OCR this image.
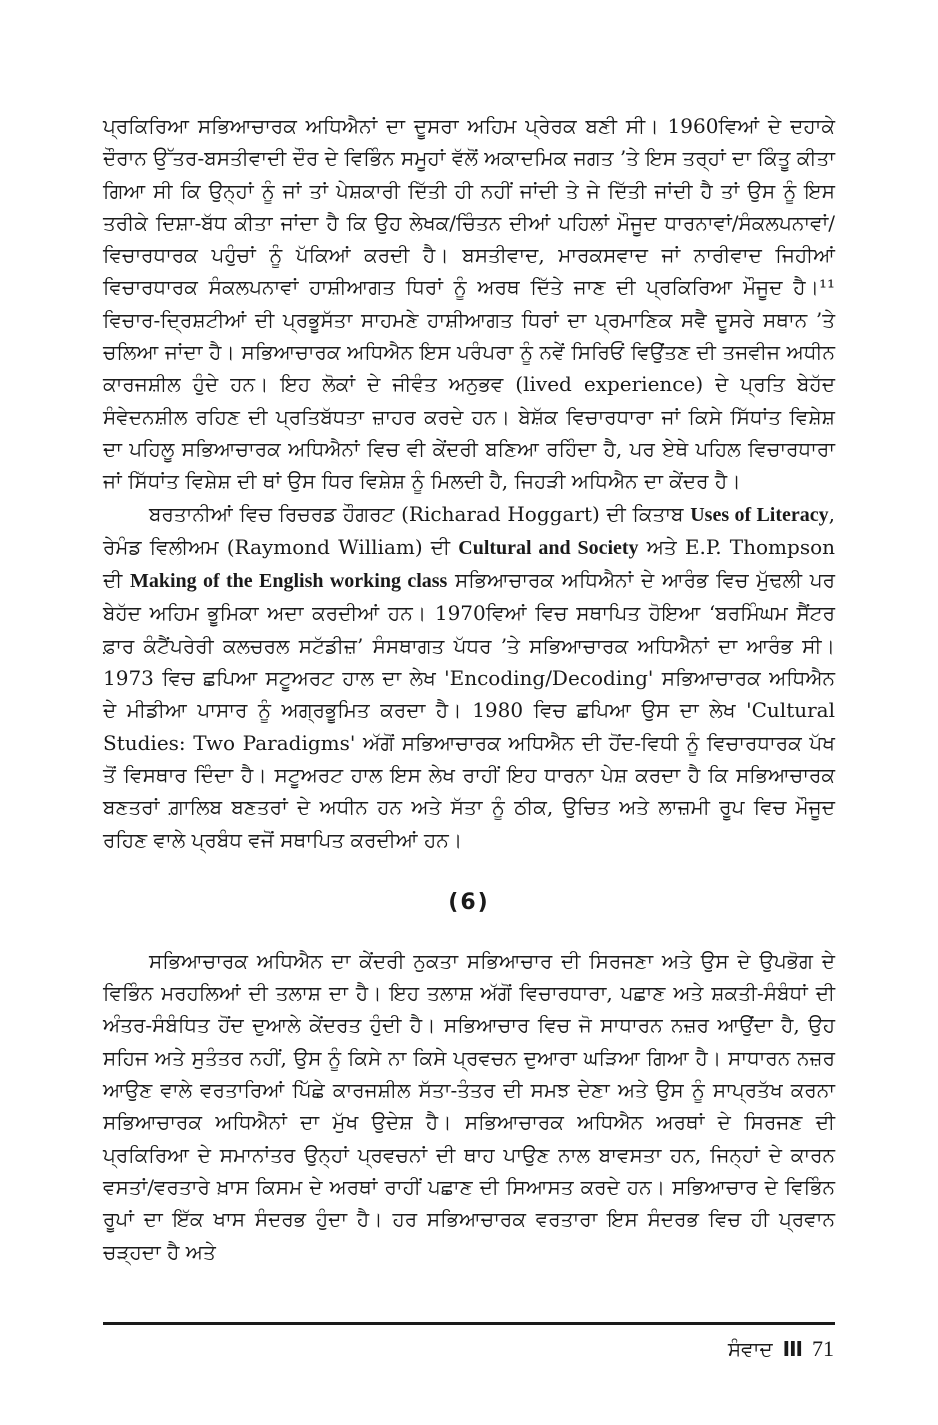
ਪ੍ਰਕਿਰਿਆ ਸਭਿਆਚਾਰਕ ਅਧਿਐਨਾਂ ਦਾ ਦੂਸਰਾ ਅਹਿਮ ਪ੍ਰੇਰਕ ਬਣੀ ਸੀ। 1960ਵਿਆਂ ਦੇ ਦਹਾਕੇ ਦੌਰਾਨ ਉੱਤਰ-ਬਸਤੀਵਾਦੀ ਦੌਰ ਦੇ ਵਿਭਿੰਨ ਸਮੂਹਾਂ ਵੱਲੋਂ ਅਕਾਦਮਿਕ ਜਗਤ ’ਤੇ ਇਸ ਤਰ੍ਹਾਂ ਦਾ ਕਿੰਤੂ ਕੀਤਾ ਗਿਆ ਸੀ ਕਿ ਉਨ੍ਹਾਂ ਨੂੰ ਜਾਂ ਤਾਂ ਪੇਸ਼ਕਾਰੀ ਦਿੱਤੀ ਹੀ ਨਹੀਂ ਜਾਂਦੀ ਤੇ ਜੇ ਦਿੱਤੀ ਜਾਂਦੀ ਹੈ ਤਾਂ ਉਸ ਨੂੰ ਇਸ ਤਰੀਕੇ ਦਿਸ਼ਾ-ਬੱਧ ਕੀਤਾ ਜਾਂਦਾ ਹੈ ਕਿ ਉਹ ਲੇਖਕ/ਚਿੰਤਨ ਦੀਆਂ ਪਹਿਲਾਂ ਮੌਜੂਦ ਧਾਰਨਾਵਾਂ/ਸੰਕਲਪਨਾਵਾਂ/ਵਿਚਾਰਧਾਰਕ ਪਹੁੰਚਾਂ ਨੂੰ ਪੱਕਿਆਂ ਕਰਦੀ ਹੈ। ਬਸਤੀਵਾਦ, ਮਾਰਕਸਵਾਦ ਜਾਂ ਨਾਰੀਵਾਦ ਜਿਹੀਆਂ ਵਿਚਾਰਧਾਰਕ ਸੰਕਲਪਨਾਵਾਂ ਹਾਸ਼ੀਆਗਤ ਧਿਰਾਂ ਨੂੰ ਅਰਥ ਦਿੱਤੇ ਜਾਣ ਦੀ ਪ੍ਰਕਿਰਿਆ ਮੌਜੂਦ ਹੈ।¹¹ ਵਿਚਾਰ-ਦ੍ਰਿਸ਼ਟੀਆਂ ਦੀ ਪ੍ਰਭੂਸੱਤਾ ਸਾਹਮਣੇ ਹਾਸ਼ੀਆਗਤ ਧਿਰਾਂ ਦਾ ਪ੍ਰਮਾਣਿਕ ਸਵੈ ਦੂਸਰੇ ਸਥਾਨ ’ਤੇ ਚਲਿਆ ਜਾਂਦਾ ਹੈ। ਸਭਿਆਚਾਰਕ ਅਧਿਐਨ ਇਸ ਪਰੰਪਰਾ ਨੂੰ ਨਵੇਂ ਸਿਰਿਓਂ ਵਿਉਂਤਣ ਦੀ ਤਜਵੀਜ ਅਧੀਨ ਕਾਰਜਸ਼ੀਲ ਹੁੰਦੇ ਹਨ। ਇਹ ਲੋਕਾਂ ਦੇ ਜੀਵੰਤ ਅਨੁਭਵ (lived experience) ਦੇ ਪ੍ਰਤਿ ਬੇਹੱਦ ਸੰਵੇਦਨਸ਼ੀਲ ਰਹਿਣ ਦੀ ਪ੍ਰਤਿਬੱਧਤਾ ਜ਼ਾਹਰ ਕਰਦੇ ਹਨ। ਬੇਸ਼ੱਕ ਵਿਚਾਰਧਾਰਾ ਜਾਂ ਕਿਸੇ ਸਿੱਧਾਂਤ ਵਿਸ਼ੇਸ਼ ਦਾ ਪਹਿਲੂ ਸਭਿਆਚਾਰਕ ਅਧਿਐਨਾਂ ਵਿਚ ਵੀ ਕੇਂਦਰੀ ਬਣਿਆ ਰਹਿੰਦਾ ਹੈ, ਪਰ ਏਥੇ ਪਹਿਲ ਵਿਚਾਰਧਾਰਾ ਜਾਂ ਸਿੱਧਾਂਤ ਵਿਸ਼ੇਸ਼ ਦੀ ਥਾਂ ਉਸ ਧਿਰ ਵਿਸ਼ੇਸ਼ ਨੂੰ ਮਿਲਦੀ ਹੈ, ਜਿਹੜੀ ਅਧਿਐਨ ਦਾ ਕੇਂਦਰ ਹੈ।

ਬਰਤਾਨੀਆਂ ਵਿਚ ਰਿਚਰਡ ਹੌਗਰਟ (Richarad Hoggart) ਦੀ ਕਿਤਾਬ Uses of Literacy, ਰੇਮੰਡ ਵਿਲੀਅਮ (Raymond William) ਦੀ Cultural and Society ਅਤੇ E.P. Thompson ਦੀ Making of the English working class ਸਭਿਆਚਾਰਕ ਅਧਿਐਨਾਂ ਦੇ ਆਰੰਭ ਵਿਚ ਮੁੱਢਲੀ ਪਰ ਬੇਹੱਦ ਅਹਿਮ ਭੂਮਿਕਾ ਅਦਾ ਕਰਦੀਆਂ ਹਨ। 1970ਵਿਆਂ ਵਿਚ ਸਥਾਪਿਤ ਹੋਇਆ ‘ਬਰਮਿੰਘਮ ਸੈਂਟਰ ਫ਼ਾਰ ਕੰਟੈਂਪਰੇਰੀ ਕਲਚਰਲ ਸਟੱਡੀਜ਼’ ਸੰਸਥਾਗਤ ਪੱਧਰ ’ਤੇ ਸਭਿਆਚਾਰਕ ਅਧਿਐਨਾਂ ਦਾ ਆਰੰਭ ਸੀ। 1973 ਵਿਚ ਛਪਿਆ ਸਟੂਅਰਟ ਹਾਲ ਦਾ ਲੇਖ 'Encoding/Decoding' ਸਭਿਆਚਾਰਕ ਅਧਿਐਨ ਦੇ ਮੀਡੀਆ ਪਾਸਾਰ ਨੂੰ ਅਗ੍ਰਭੂਮਿਤ ਕਰਦਾ ਹੈ। 1980 ਵਿਚ ਛਪਿਆ ਉਸ ਦਾ ਲੇਖ 'Cultural Studies: Two Paradigms' ਅੱਗੋਂ ਸਭਿਆਚਾਰਕ ਅਧਿਐਨ ਦੀ ਹੋਂਦ-ਵਿਧੀ ਨੂੰ ਵਿਚਾਰਧਾਰਕ ਪੱਖ ਤੋਂ ਵਿਸਥਾਰ ਦਿੰਦਾ ਹੈ। ਸਟੂਅਰਟ ਹਾਲ ਇਸ ਲੇਖ ਰਾਹੀਂ ਇਹ ਧਾਰਨਾ ਪੇਸ਼ ਕਰਦਾ ਹੈ ਕਿ ਸਭਿਆਚਾਰਕ ਬਣਤਰਾਂ ਗ਼ਾਲਿਬ ਬਣਤਰਾਂ ਦੇ ਅਧੀਨ ਹਨ ਅਤੇ ਸੱਤਾ ਨੂੰ ਠੀਕ, ਉਚਿਤ ਅਤੇ ਲਾਜ਼ਮੀ ਰੂਪ ਵਿਚ ਮੌਜੂਦ ਰਹਿਣ ਵਾਲੇ ਪ੍ਰਬੰਧ ਵਜੋਂ ਸਥਾਪਿਤ ਕਰਦੀਆਂ ਹਨ।

(6)

ਸਭਿਆਚਾਰਕ ਅਧਿਐਨ ਦਾ ਕੇਂਦਰੀ ਨੁਕਤਾ ਸਭਿਆਚਾਰ ਦੀ ਸਿਰਜਣਾ ਅਤੇ ਉਸ ਦੇ ਉਪਭੋਗ ਦੇ ਵਿਭਿੰਨ ਮਰਹਲਿਆਂ ਦੀ ਤਲਾਸ਼ ਦਾ ਹੈ। ਇਹ ਤਲਾਸ਼ ਅੱਗੋਂ ਵਿਚਾਰਧਾਰਾ, ਪਛਾਣ ਅਤੇ ਸ਼ਕਤੀ-ਸੰਬੰਧਾਂ ਦੀ ਅੰਤਰ-ਸੰਬੰਧਿਤ ਹੋਂਦ ਦੁਆਲੇ ਕੇਂਦਰਤ ਹੁੰਦੀ ਹੈ। ਸਭਿਆਚਾਰ ਵਿਚ ਜੋ ਸਾਧਾਰਨ ਨਜ਼ਰ ਆਉਂਦਾ ਹੈ, ਉਹ ਸਹਿਜ ਅਤੇ ਸੁਤੰਤਰ ਨਹੀਂ, ਉਸ ਨੂੰ ਕਿਸੇ ਨਾ ਕਿਸੇ ਪ੍ਰਵਚਨ ਦੁਆਰਾ ਘੜਿਆ ਗਿਆ ਹੈ। ਸਾਧਾਰਨ ਨਜ਼ਰ ਆਉਣ ਵਾਲੇ ਵਰਤਾਰਿਆਂ ਪਿੱਛੇ ਕਾਰਜਸ਼ੀਲ ਸੱਤਾ-ਤੰਤਰ ਦੀ ਸਮਝ ਦੇਣਾ ਅਤੇ ਉਸ ਨੂੰ ਸਾਪ੍ਰਤੱਖ ਕਰਨਾ ਸਭਿਆਚਾਰਕ ਅਧਿਐਨਾਂ ਦਾ ਮੁੱਖ ਉਦੇਸ਼ ਹੈ। ਸਭਿਆਚਾਰਕ ਅਧਿਐਨ ਅਰਥਾਂ ਦੇ ਸਿਰਜਣ ਦੀ ਪ੍ਰਕਿਰਿਆ ਦੇ ਸਮਾਨਾਂਤਰ ਉਨ੍ਹਾਂ ਪ੍ਰਵਚਨਾਂ ਦੀ ਥਾਹ ਪਾਉਣ ਨਾਲ ਬਾਵਸਤਾ ਹਨ, ਜਿਨ੍ਹਾਂ ਦੇ ਕਾਰਨ ਵਸਤਾਂ/ਵਰਤਾਰੇ ਖ਼ਾਸ ਕਿਸਮ ਦੇ ਅਰਥਾਂ ਰਾਹੀਂ ਪਛਾਣ ਦੀ ਸਿਆਸਤ ਕਰਦੇ ਹਨ। ਸਭਿਆਚਾਰ ਦੇ ਵਿਭਿੰਨ ਰੂਪਾਂ ਦਾ ਇੱਕ ਖਾਸ ਸੰਦਰਭ ਹੁੰਦਾ ਹੈ। ਹਰ ਸਭਿਆਚਾਰਕ ਵਰਤਾਰਾ ਇਸ ਸੰਦਰਭ ਵਿਚ ਹੀ ਪ੍ਰਵਾਨ ਚੜ੍ਹਦਾ ਹੈ ਅਤੇ

ਸੰਵਾਦ III 71
